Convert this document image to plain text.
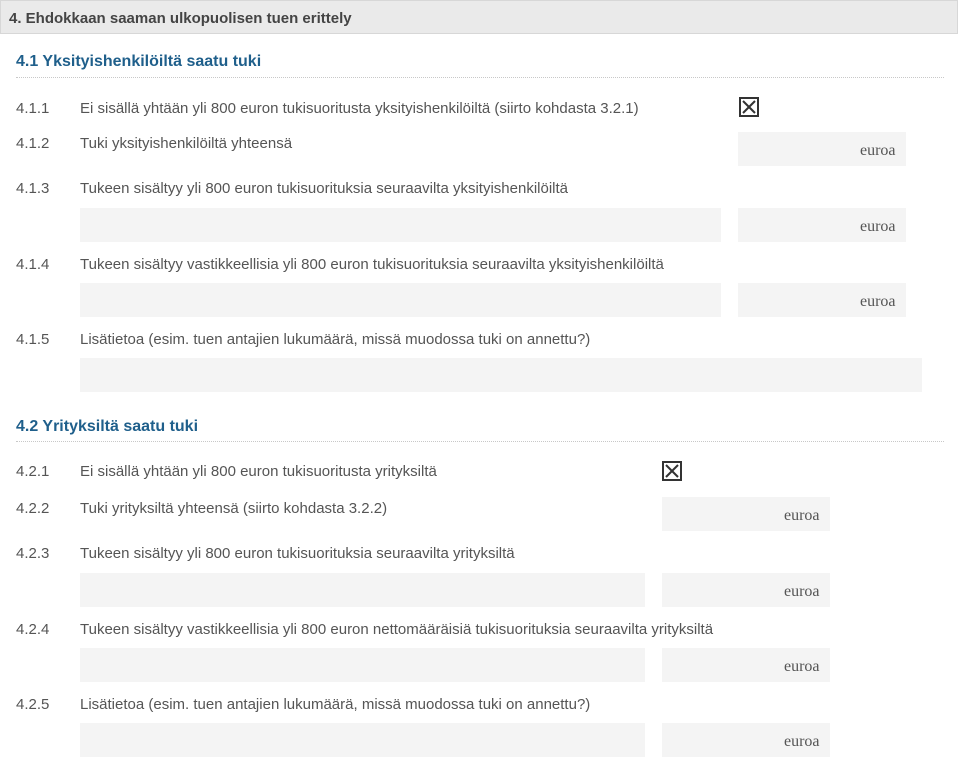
4. Ehdokkaan saaman ulkopuolisen tuen erittely
4.1 Yksityishenkilöiltä saatu tuki
4.1.1 Ei sisällä yhtään yli 800 euron tukisuoritusta yksityishenkilöiltä (siirto kohdasta 3.2.1)
4.1.2 Tuki yksityishenkilöiltä yhteensä	euroa
4.1.3 Tukeen sisältyy yli 800 euron tukisuorituksia seuraavilta yksityishenkilöiltä
euroa
4.1.4 Tukeen sisältyy vastikkeellisia yli 800 euron tukisuorituksia seuraavilta yksityishenkilöiltä
euroa
4.1.5 Lisätietoa (esim. tuen antajien lukumäärä, missä muodossa tuki on annettu?)
4.2 Yrityksiltä saatu tuki
4.2.1 Ei sisällä yhtään yli 800 euron tukisuoritusta yrityksiltä
4.2.2 Tuki yrityksiltä yhteensä (siirto kohdasta 3.2.2)	euroa
4.2.3 Tukeen sisältyy yli 800 euron tukisuorituksia seuraavilta yrityksiltä
euroa
4.2.4 Tukeen sisältyy vastikkeellisia yli 800 euron nettomääräisiä tukisuorituksia seuraavilta yrityksiltä
euroa
4.2.5 Lisätietoa (esim. tuen antajien lukumäärä, missä muodossa tuki on annettu?)
euroa
